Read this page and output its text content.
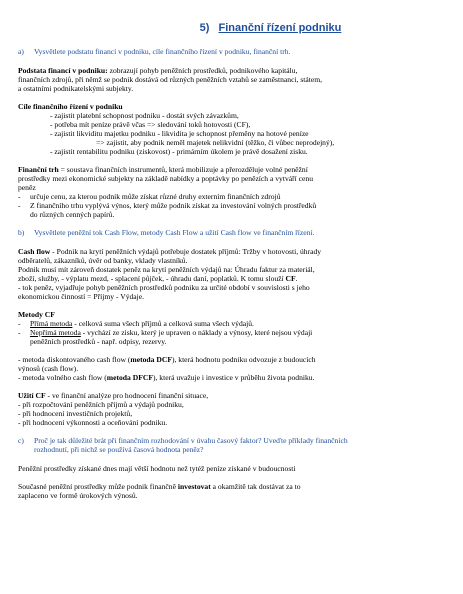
5) Finanční řízení podniku
a)	Vysvětlete podstatu financí v podniku, cíle finančního řízení v podniku, finanční trh.
Podstata financí v podniku: zobrazují pohyb peněžních prostředků, podnikového kapitálu,
finančních zdrojů, při němž se podnik dostává od různých peněžních vztahů se zaměstnanci, státem,
a ostatními podnikatelskými subjekty.
Cíle finančního řízení v podniku
- zajistit platební schopnost podniku - dostát svých závazkům,
- potřeba mít peníze právě včas => sledování toků hotovosti (CF),
- zajistit likviditu majetku podniku - likvidita je schopnost přeměny na hotové peníze
=> zajistit, aby podnik neměl majetek nelikvidní (těžko, či vůbec neprodejný),
- zajistit rentabilitu podniku (ziskovost) - primárním úkolem je právě dosažení zisku.
Finanční trh = soustava finančních instrumentů, která mobilizuje a přerozděluje volné peněžní
prostředky mezi ekonomické subjekty na základě nabídky a poptávky po penězích a vytváří cenu
peněz
-	určuje cenu, za kterou podnik může získat různé druhy externím finančních zdrojů
-	Z finančního trhu vyplývá výnos, který může podnik získat za investování volných prostředků
do různých cenných papírů.
b)	Vysvětlete peněžní tok Cash Flow, metody Cash Flow a užití Cash flow ve finančním řízení.
Cash flow - Podnik na krytí peněžních výdajů potřebuje dostatek příjmů: Tržby v hotovosti, úhrady
odběratelů, zákazníků, úvěr od banky, vklady vlastníků.
Podnik musí mít zároveň dostatek peněz na krytí peněžních výdajů na: Úhradu faktur za materiál,
zboží, služby, - výplatu mezd, - splacení půjček, - úhradu daní, poplatků. K tomu slouží CF.
- tok peněz, vyjadřuje pohyb peněžních prostředků podniku za určité období v souvislosti s jeho
ekonomickou činností = Příjmy - Výdaje.
Metody CF
-	Přímá metoda - celková suma všech příjmů a celková suma všech výdajů.
-	Nepřímá metoda - vychází ze zisku, který je upraven o náklady a výnosy, které nejsou výdaji
peněžních prostředků - např. odpisy, rezervy.
- metoda diskontovaného cash flow (metoda DCF), která hodnotu podniku odvozuje z budoucích
výnosů (cash flow).
- metoda volného cash flow (metoda DFCF), která uvažuje i investice v průběhu života podniku.
Užití CF - ve finanční analýze pro hodnocení finanční situace,
- při rozpočtování peněžních příjmů a výdajů podniku,
- při hodnocení investičních projektů,
- při hodnocení výkonnosti a oceňování podniku.
c)	Proč je tak důležité brát při finančním rozhodování v úvahu časový faktor? Uveďte příklady finančních
rozhodnutí, při nichž se používá časová hodnota peněz?
Peněžní prostředky získané dnes mají větší hodnotu než tytéž peníze získané v budoucnosti
Současné peněžní prostředky může podnik finančně investovat a okamžitě tak dostávat za to
zaplaceno ve formě úrokových výnosů.
